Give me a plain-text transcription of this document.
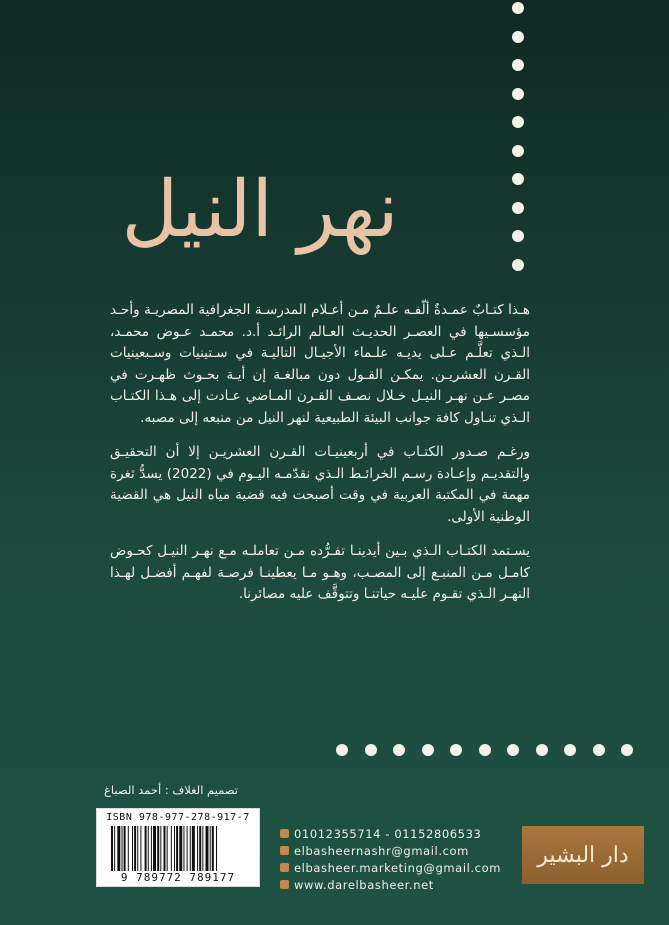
نهر النيل

هـذا كتـابٌ عمـدةٌ ألّفـه علـمٌ مـن أعـلام المدرسـة الجغرافية المصريـة وأحـد مؤسسـيها في العصـر الحديـث العـالم الرائـد أ.د. محمـد عـوض محمـد، الـذي تعلَّـم عـلى يديـه علـماء الأجيـال التاليـة في سـتينيات وسـبعينيات القـرن العشريـن. يمكـن القـول دون مبالغـة إن أيـة بحـوث ظهـرت في مصـر عـن نهـر النيـل خـلال نصـف القـرن المـاضي عـادت إلى هـذا الكتـاب الـذي تنـاول كافة جوانب البيئة الطبيعية لنهر النيل من منبعه إلى مصبه.

ورغـم صـدور الكتـاب في أربعينيـات القـرن العشريـن إلا أن التحقيـق والتقديـم وإعـادة رسـم الخرائـط الـذي نقدّمـه اليـوم في (2022) يسدُّ ثغرة مهمة في المكتبة العربية في وقت أصبحت فيه قضية مياه النيل هي القضية الوطنية الأولى.

يسـتمد الكتـاب الـذي بـين أيدينـا تفـرُّده مـن تعاملـه مـع نهـر النيـل كحـوض كامـل مـن المنبـع إلى المصـب، وهـو مـا يعطينـا فرصـة لفهـم أفضـل لهـذا النهـر الـذي تقـوم عليـه حياتنـا وتتوقَّف عليه مصائرنا.

تصميم الغلاف : أحمد الصباغ
ISBN 978-977-278-917-7
9 789772 789177
01012355714 - 01152806533
elbasheernashr@gmail.com
elbasheer.marketing@gmail.com
www.darelbasheer.net
دار البشير
